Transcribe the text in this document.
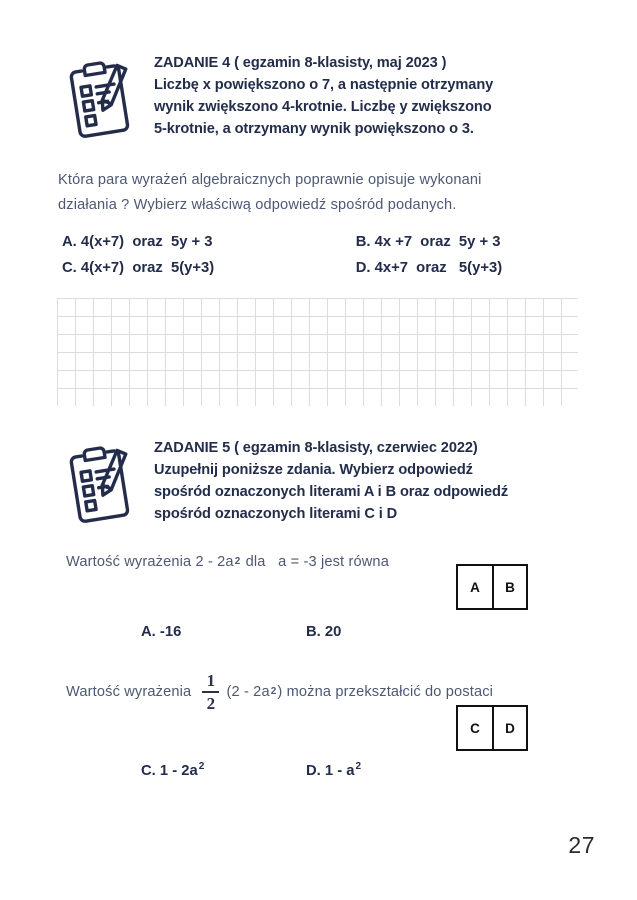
ZADANIE 4 ( egzamin 8-klasisty, maj 2023 )
Liczbę x powiększono o 7, a następnie otrzymany
wynik zwiększono 4-krotnie. Liczbę y zwiększono
5-krotnie, a otrzymany wynik powiększono o 3.
Która para wyrażeń algebraicznych poprawnie opisuje wykonani
działania ? Wybierz właściwą odpowiedź spośród podanych.
A. 4(x+7)  oraz  5y + 3	B. 4x +7  oraz  5y + 3
C. 4(x+7)  oraz  5(y+3)	D. 4x+7  oraz   5(y+3)
ZADANIE 5 ( egzamin 8-klasisty, czerwiec 2022)
Uzupełnij poniższe zdania. Wybierz odpowiedź
spośród oznaczonych literami A i B oraz odpowiedź
spośród oznaczonych literami C i D
Wartość wyrażenia 2 - 2a 2 dla   a = -3 jest równa
A	B
A. -16	B. 20
Wartość wyrażenia $\frac{1}{2} (2 - 2a$ 2 ) można przekształcić do postaci
C	D
C. $1 - 2a^2$	D. $1 - a^2$
27
